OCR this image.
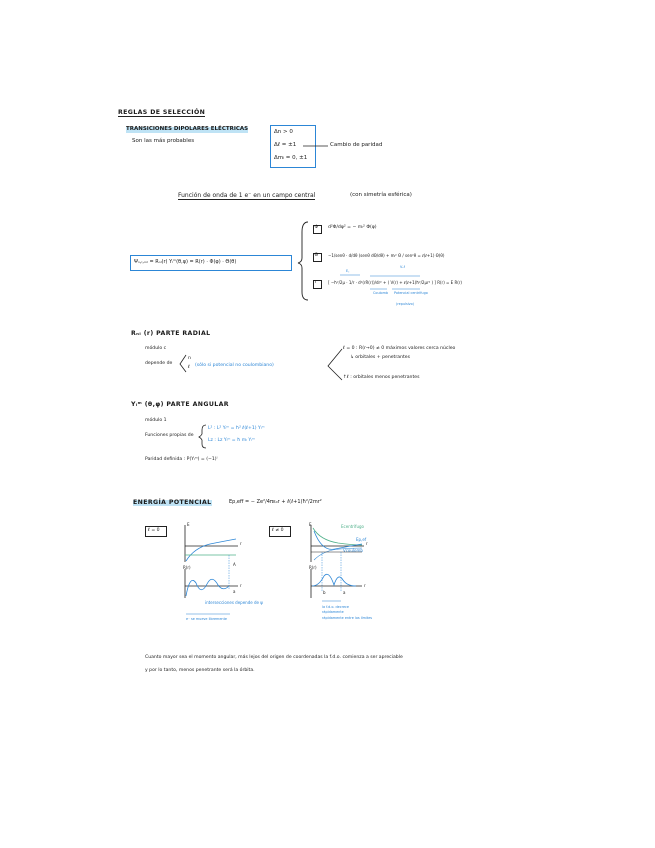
REGLAS DE SELECCIÓN
TRANSICIONES DIPOLARES ELÉCTRICAS
Son las más probables
Δn > 0
Δℓ = ±1
Δmₗ = 0, ±1
Cambio de paridad
Función de onda de 1 e⁻ en un campo central	(con simetría esférica)
Ψₙ,ₗ,ₘₗ = Rₙₗ(r) Yₗᵐ(θ,φ) = R(r) · Φ(φ) · Θ(θ)
Φ d²Φ/dφ² = − mₗ² Φ(φ)
Θ −1/senθ · d/dθ (senθ dΘ/dθ) + mₗ² Θ / sen²θ = ℓ(ℓ+1) Θ(θ)
r	[ −ħ²/2μ · 1/r · d²(rR(r))/dr² + ( V(r) + ℓ(ℓ+1)ħ²/2μr² ) ] R(r) = E R(r)
E꜀
Vₑf
Coulomb Potencial centrífugo
(repulsivo)
Rₙₗ (r) PARTE RADIAL
módulo c
depende de
n
ℓ (sólo si potencial no coulombiano)
ℓ = 0 : R(r→0) ≠ 0 máximos valores cerca núcleo
↳ orbitales + penetrantes
↑ℓ : orbitales menos penetrantes
Yₗᵐ (θ,φ) PARTE ANGULAR
módulo 1
Funciones propias de
L² : L² Yₗᵐ = ħ² ℓ(ℓ+1) Yₗᵐ
Lz : Lz Yₗᵐ = ħ mₗ Yₗᵐ
Paridad definida : P(Yₗᵐ) = (−1)ˡ
ENERGÍA POTENCIAL	Ep,eff = − Ze²/4πε₀r + ℓ(ℓ+1)ħ²/2mr²
ℓ = 0	ℓ ≠ 0
E
r
A
R(r)
r
a
intersecciones depende de ψ
e⁻ se mueve libremente
E
r
Ecentrífugo
Ep,ef
Vcoulomb
R(r)
r
b	a
la f.d.o. decrece
rápidamente
rápidamente entre los límites
Cuanto mayor sea el momento angular, más lejos del origen de coordenadas la f.d.o. comienza a ser apreciable
y por lo tanto, menos penetrante será la órbita.
